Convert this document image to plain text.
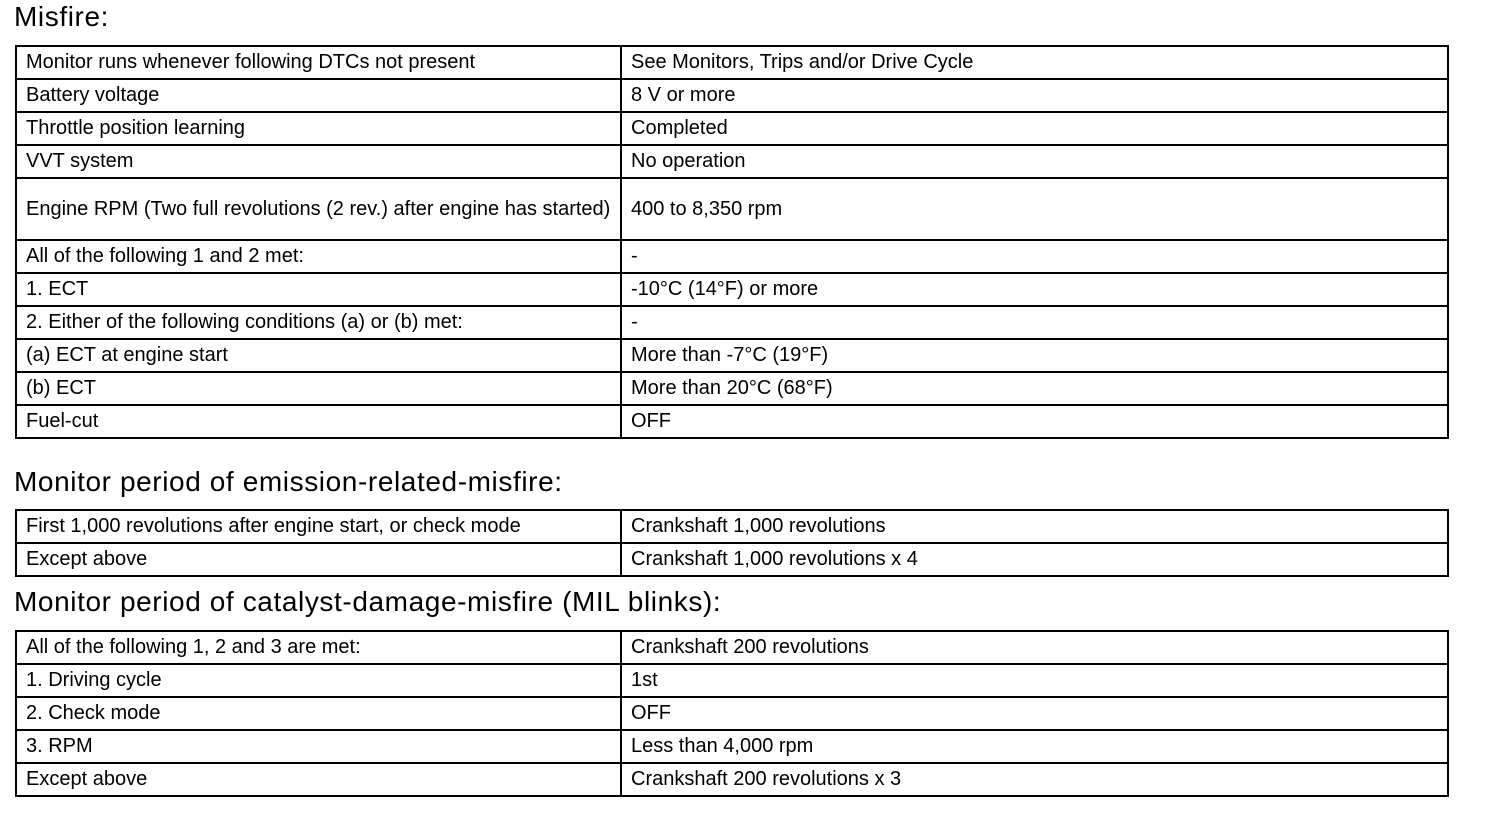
Misfire:
Monitor runs whenever following DTCs not present	See Monitors, Trips and/or Drive Cycle
Battery voltage	8 V or more
Throttle position learning	Completed
VVT system	No operation
Engine RPM (Two full revolutions (2 rev.) after engine has started)	400 to 8,350 rpm
All of the following 1 and 2 met:	-
1. ECT	-10°C (14°F) or more
2. Either of the following conditions (a) or (b) met:	-
(a) ECT at engine start	More than -7°C (19°F)
(b) ECT	More than 20°C (68°F)
Fuel-cut	OFF
Monitor period of emission-related-misfire:
First 1,000 revolutions after engine start, or check mode	Crankshaft 1,000 revolutions
Except above	Crankshaft 1,000 revolutions x 4
Monitor period of catalyst-damage-misfire (MIL blinks):
All of the following 1, 2 and 3 are met:	Crankshaft 200 revolutions
1. Driving cycle	1st
2. Check mode	OFF
3. RPM	Less than 4,000 rpm
Except above	Crankshaft 200 revolutions x 3
